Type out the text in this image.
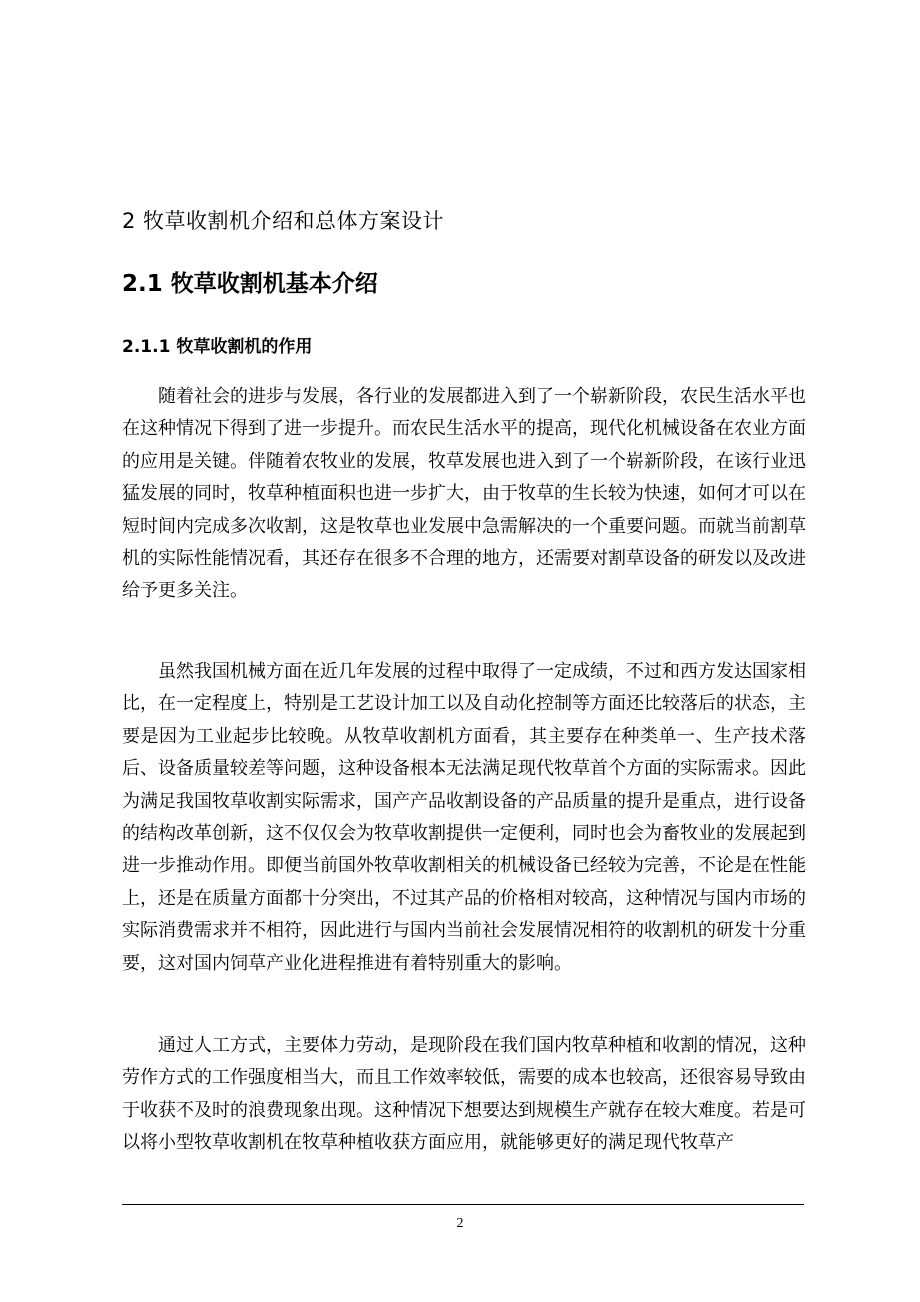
2 牧草收割机介绍和总体方案设计
2.1 牧草收割机基本介绍
2.1.1 牧草收割机的作用

随着社会的进步与发展，各行业的发展都进入到了一个崭新阶段，农民生活水平也在这种情况下得到了进一步提升。而农民生活水平的提高，现代化机械设备在农业方面的应用是关键。伴随着农牧业的发展，牧草发展也进入到了一个崭新阶段，在该行业迅猛发展的同时，牧草种植面积也进一步扩大，由于牧草的生长较为快速，如何才可以在短时间内完成多次收割，这是牧草也业发展中急需解决的一个重要问题。而就当前割草机的实际性能情况看，其还存在很多不合理的地方，还需要对割草设备的研发以及改进给予更多关注。

虽然我国机械方面在近几年发展的过程中取得了一定成绩，不过和西方发达国家相比，在一定程度上，特别是工艺设计加工以及自动化控制等方面还比较落后的状态，主要是因为工业起步比较晚。从牧草收割机方面看，其主要存在种类单一、生产技术落后、设备质量较差等问题，这种设备根本无法满足现代牧草首个方面的实际需求。因此为满足我国牧草收割实际需求，国产产品收割设备的产品质量的提升是重点，进行设备的结构改革创新，这不仅仅会为牧草收割提供一定便利，同时也会为畜牧业的发展起到进一步推动作用。即便当前国外牧草收割相关的机械设备已经较为完善，不论是在性能上，还是在质量方面都十分突出，不过其产品的价格相对较高，这种情况与国内市场的实际消费需求并不相符，因此进行与国内当前社会发展情况相符的收割机的研发十分重要，这对国内饲草产业化进程推进有着特别重大的影响。

通过人工方式，主要体力劳动，是现阶段在我们国内牧草种植和收割的情况，这种劳作方式的工作强度相当大，而且工作效率较低，需要的成本也较高，还很容易导致由于收获不及时的浪费现象出现。这种情况下想要达到规模生产就存在较大难度。若是可以将小型牧草收割机在牧草种植收获方面应用，就能够更好的满足现代牧草产

2
